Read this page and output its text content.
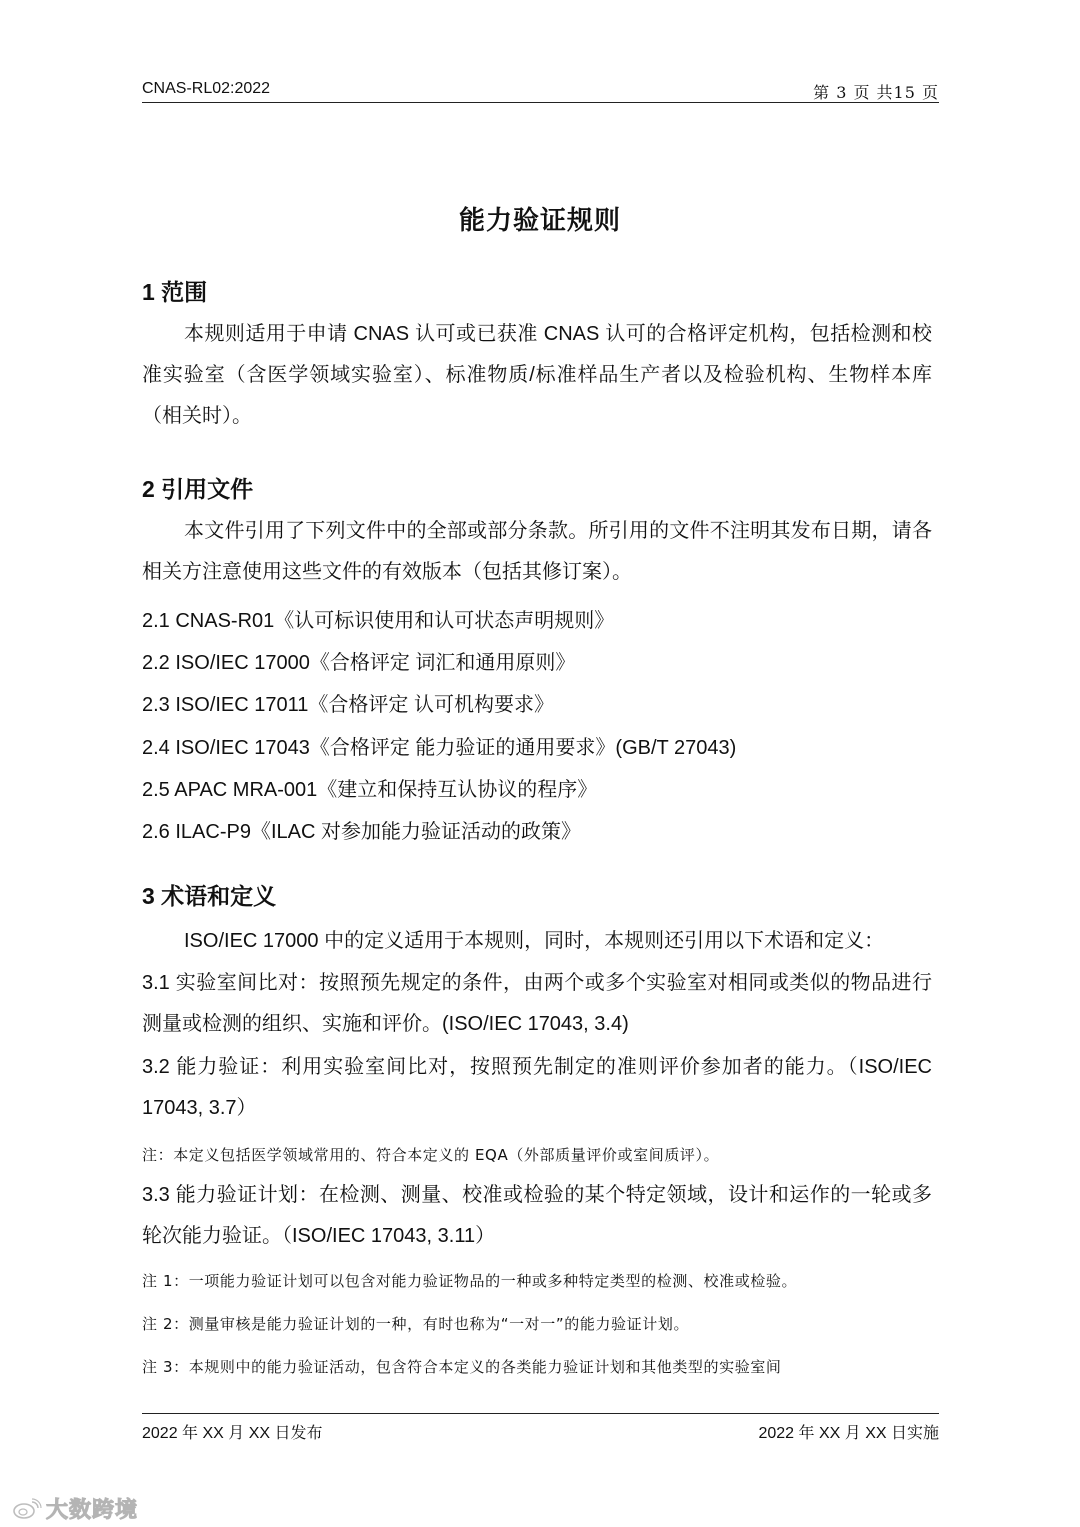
CNAS-RL02:2022	第 3 页 共15 页
能力验证规则
1 范围
本规则适用于申请 CNAS 认可或已获准 CNAS 认可的合格评定机构，包括检测和校准实验室（含医学领域实验室）、标准物质/标准样品生产者以及检验机构、生物样本库（相关时）。
2 引用文件
本文件引用了下列文件中的全部或部分条款。所引用的文件不注明其发布日期，请各相关方注意使用这些文件的有效版本（包括其修订案）。
2.1 CNAS-R01《认可标识使用和认可状态声明规则》
2.2 ISO/IEC 17000《合格评定 词汇和通用原则》
2.3 ISO/IEC 17011《合格评定 认可机构要求》
2.4 ISO/IEC 17043《合格评定 能力验证的通用要求》(GB/T 27043)
2.5 APAC MRA-001《建立和保持互认协议的程序》
2.6 ILAC-P9《ILAC 对参加能力验证活动的政策》
3 术语和定义
ISO/IEC 17000 中的定义适用于本规则，同时，本规则还引用以下术语和定义：
3.1 实验室间比对：按照预先规定的条件，由两个或多个实验室对相同或类似的物品进行测量或检测的组织、实施和评价。(ISO/IEC 17043, 3.4)
3.2 能力验证：利用实验室间比对，按照预先制定的准则评价参加者的能力。（ISO/IEC 17043, 3.7）
注：本定义包括医学领域常用的、符合本定义的 EQA（外部质量评价或室间质评）。
3.3 能力验证计划：在检测、测量、校准或检验的某个特定领域，设计和运作的一轮或多轮次能力验证。（ISO/IEC 17043, 3.11）
注 1：一项能力验证计划可以包含对能力验证物品的一种或多种特定类型的检测、校准或检验。
注 2：测量审核是能力验证计划的一种，有时也称为“一对一”的能力验证计划。
注 3：本规则中的能力验证活动，包含符合本定义的各类能力验证计划和其他类型的实验室间
2022 年 XX 月 XX 日发布	2022 年 XX 月 XX 日实施
大数跨境
